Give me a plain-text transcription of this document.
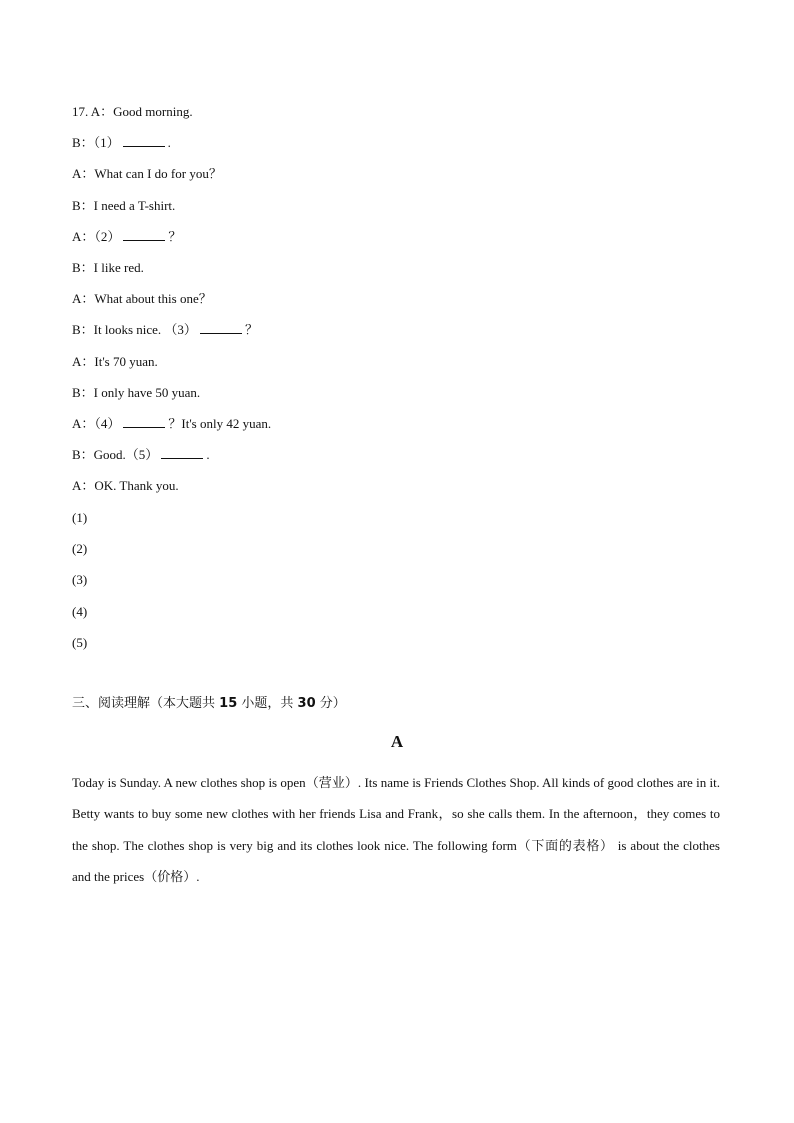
17. A：Good morning.
B：（1）	.
A：What can I do for you？
B：I need a T-shirt.
A：（2）	？
B：I like red.
A：What about this one？
B：It looks nice. （3）	？
A：It's 70 yuan.
B：I only have 50 yuan.
A：（4）	？It's only 42 yuan.
B：Good.（5）	.
A：OK. Thank you.
(1)
(2)
(3)
(4)
(5)
三、阅读理解（本大题共 15 小题，共 30 分）
A
Today is Sunday. A new clothes shop is open（营业）. Its name is Friends Clothes Shop. All kinds of good clothes are in it. Betty wants to buy some new clothes with her friends Lisa and Frank，so she calls them. In the afternoon，they comes to the shop. The clothes shop is very big and its clothes look nice. The following form（下面的表格） is about the clothes and the prices（价格）.
